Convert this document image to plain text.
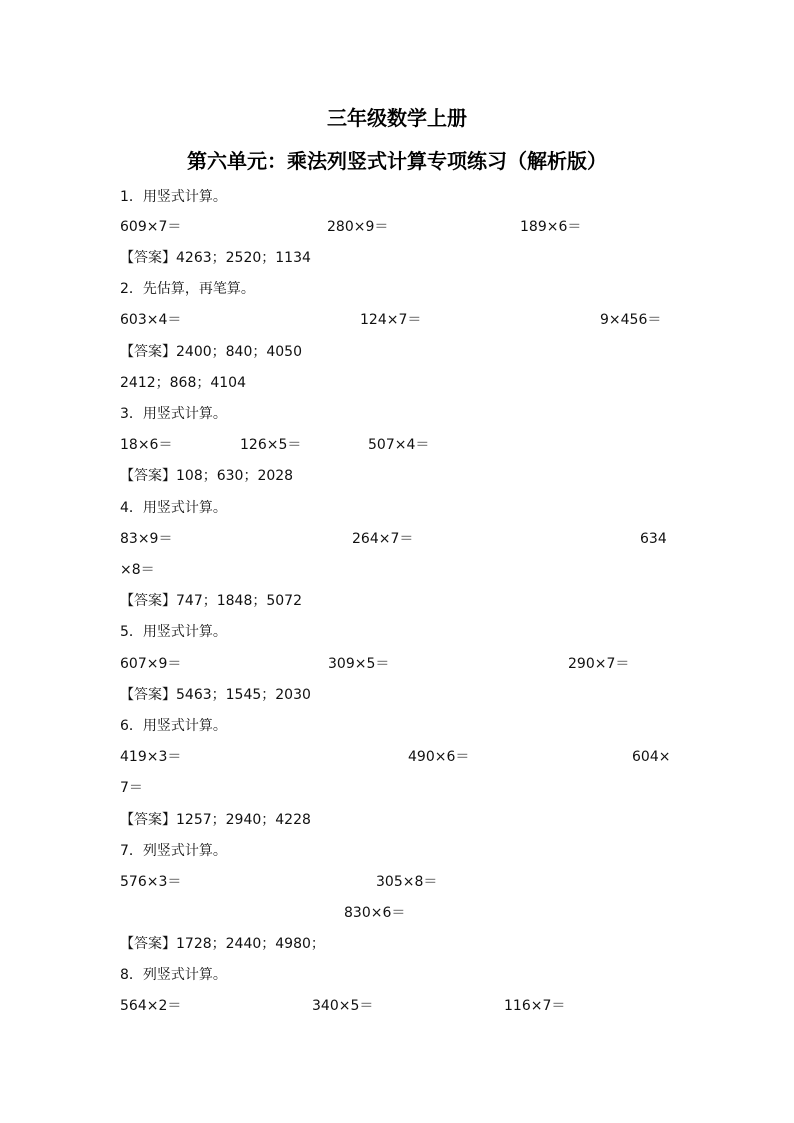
三年级数学上册
第六单元：乘法列竖式计算专项练习（解析版）
1．用竖式计算。
609×7＝	280×9＝	189×6＝
【答案】4263；2520；1134
2．先估算，再笔算。
603×4＝	124×7＝	9×456＝
【答案】2400；840；4050
2412；868；4104
3．用竖式计算。
18×6＝	126×5＝	507×4＝
【答案】108；630；2028
4．用竖式计算。
83×9＝	264×7＝	634
×8＝
【答案】747；1848；5072
5．用竖式计算。
607×9＝	309×5＝	290×7＝
【答案】5463；1545；2030
6．用竖式计算。
419×3＝	490×6＝	604×
7＝
【答案】1257；2940；4228
7．列竖式计算。
576×3＝	305×8＝
830×6＝
【答案】1728；2440；4980；
8．列竖式计算。
564×2＝	340×5＝	116×7＝
